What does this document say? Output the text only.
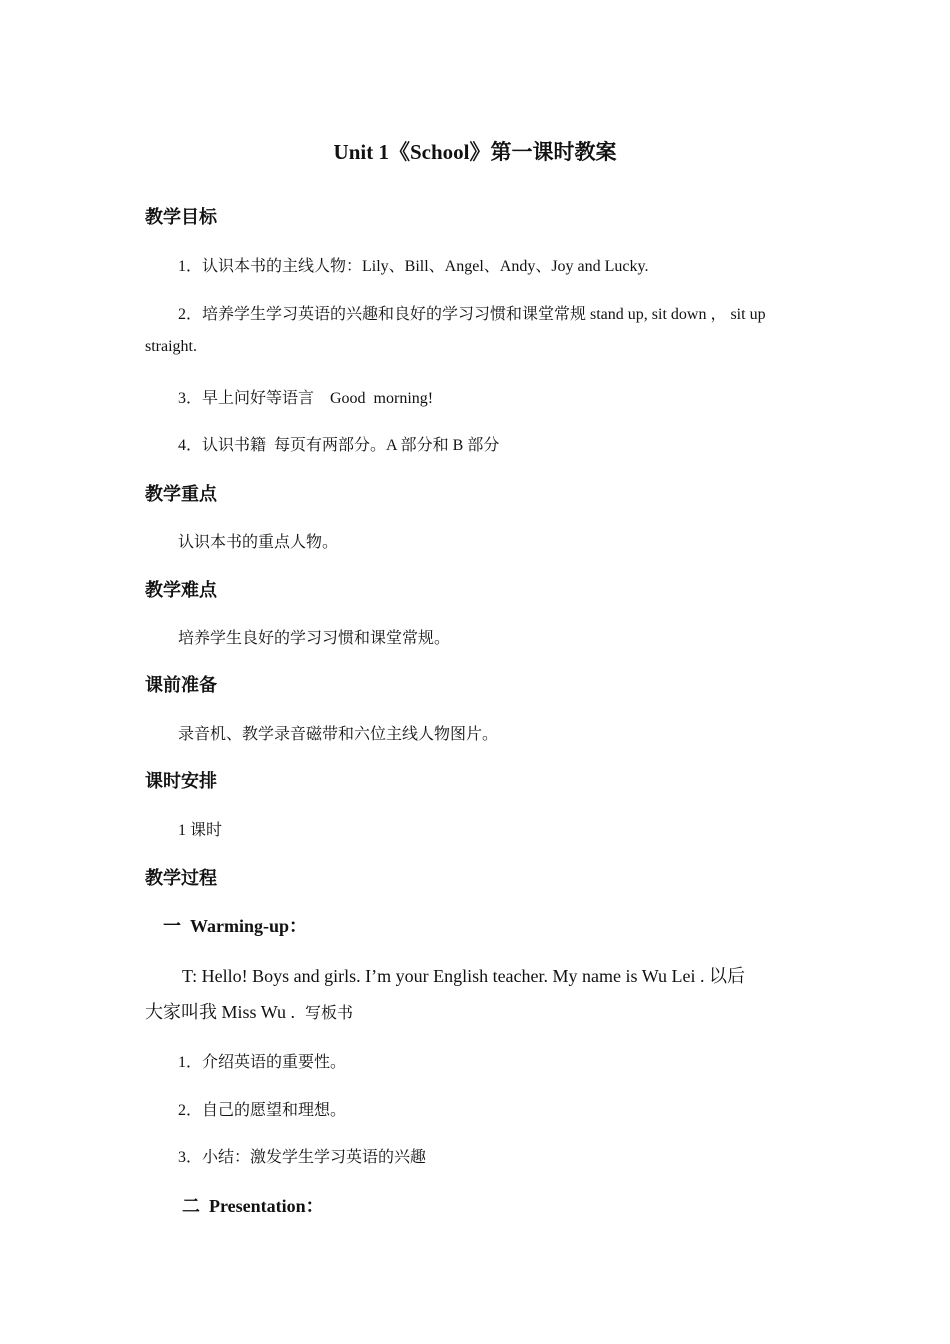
Unit 1《School》第一课时教案
教学目标
1．认识本书的主线人物：Lily、Bill、Angel、Andy、Joy and Lucky.
2．培养学生学习英语的兴趣和良好的学习习惯和课堂常规 stand up, sit down ， sit up
straight.
3．早上问好等语言    Good  morning!
4．认识书籍  每页有两部分。A 部分和 B 部分
教学重点
认识本书的重点人物。
教学难点
培养学生良好的学习习惯和课堂常规。
课前准备
录音机、教学录音磁带和六位主线人物图片。
课时安排
1 课时
教学过程
一  Warming-up：
T: Hello! Boys and girls. I’m your English teacher. My name is Wu Lei . 以后
大家叫我 Miss Wu . 写板书
1．介绍英语的重要性。
2．自己的愿望和理想。
3．小结：激发学生学习英语的兴趣
二  Presentation：
